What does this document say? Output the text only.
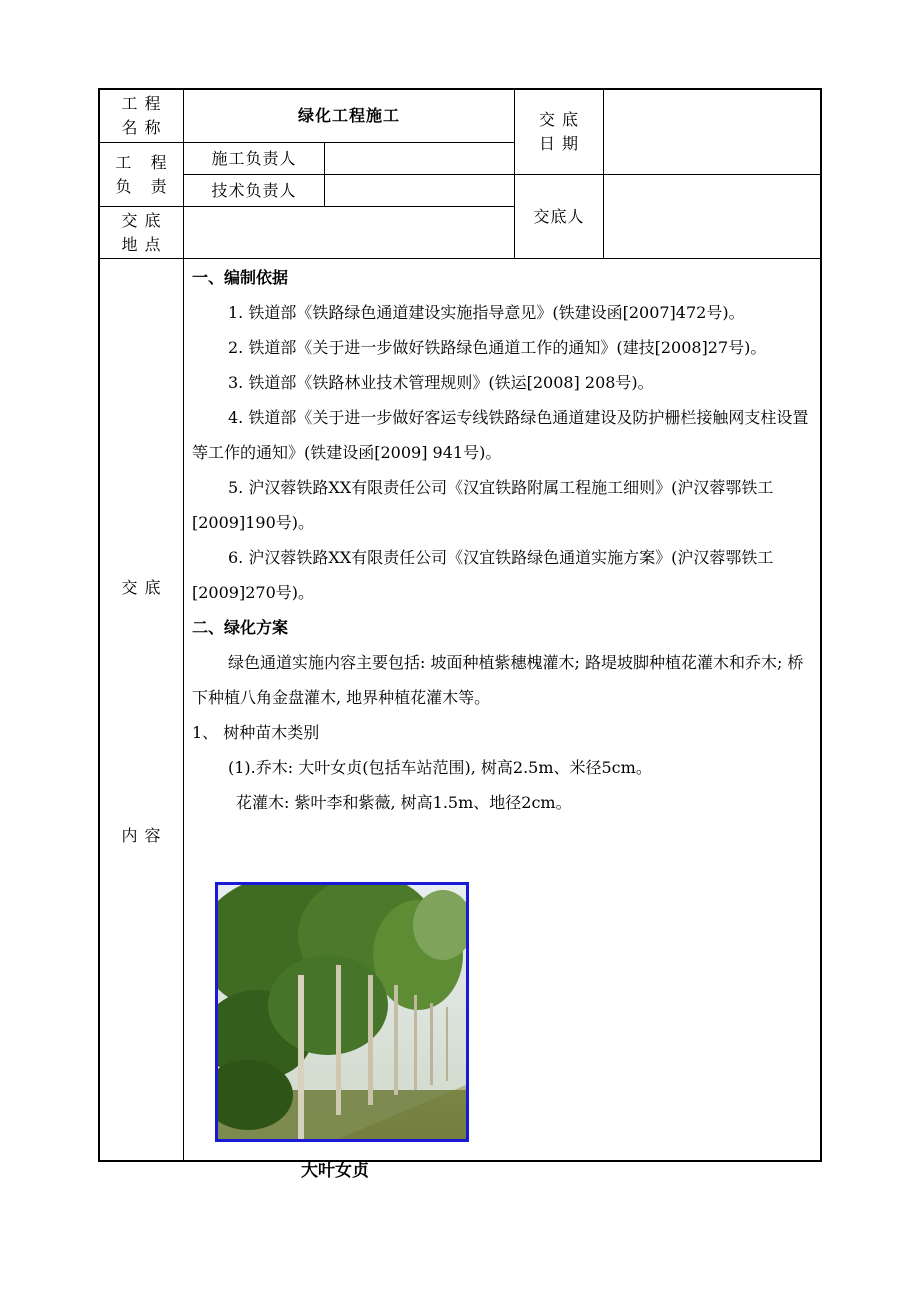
工 程
名 称
绿化工程施工	交 底
日 期
工   程
负   责
施工负责人
技术负责人
交底人
交 底
地 点
交 底
内 容

一、编制依据

1. 铁道部《铁路绿色通道建设实施指导意见》(铁建设函[2007]472号)。

2. 铁道部《关于进一步做好铁路绿色通道工作的通知》(建技[2008]27号)。

3. 铁道部《铁路林业技术管理规则》(铁运[2008] 208号)。

4. 铁道部《关于进一步做好客运专线铁路绿色通道建设及防护栅栏接触网支柱设置等工作的通知》(铁建设函[2009] 941号)。

5. 沪汉蓉铁路XX有限责任公司《汉宜铁路附属工程施工细则》(沪汉蓉鄂铁工[2009]190号)。

6. 沪汉蓉铁路XX有限责任公司《汉宜铁路绿色通道实施方案》(沪汉蓉鄂铁工[2009]270号)。

二、绿化方案

绿色通道实施内容主要包括: 坡面种植紫穗槐灌木; 路堤坡脚种植花灌木和乔木; 桥下种植八角金盘灌木, 地界种植花灌木等。

1、 树种苗木类别

(1).乔木: 大叶女贞(包括车站范围), 树高2.5m、米径5cm。

花灌木: 紫叶李和紫薇, 树高1.5m、地径2cm。

大叶女贞
